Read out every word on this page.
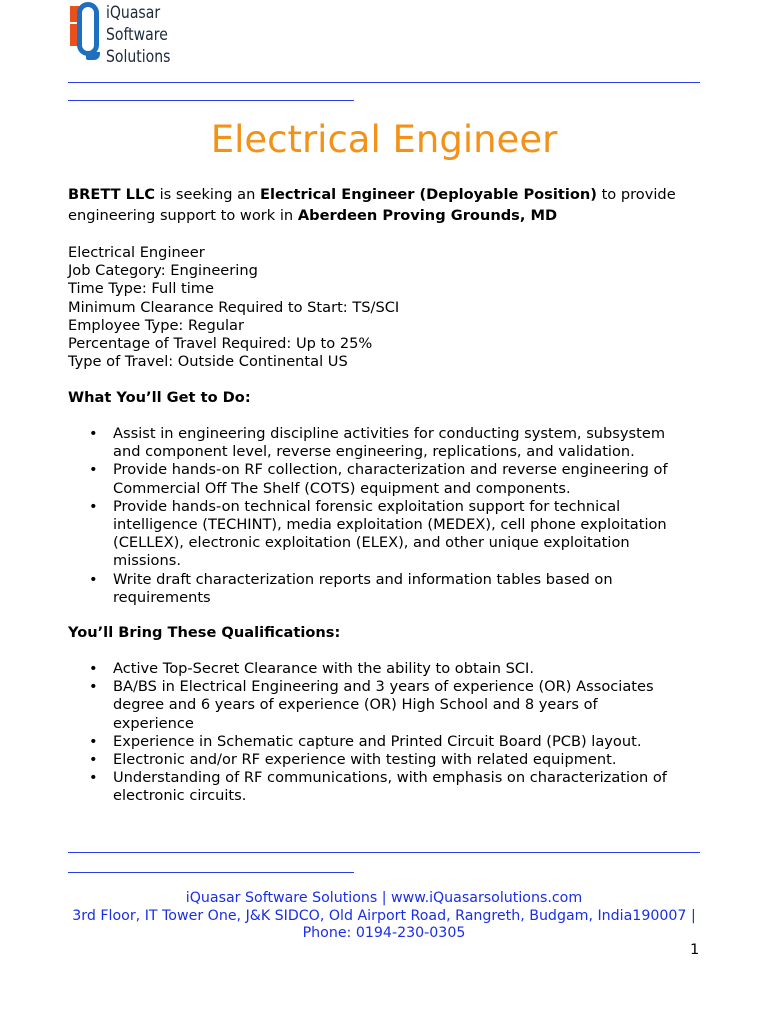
iQuasar
Software
Solutions
Electrical Engineer
BRETT LLC is seeking an Electrical Engineer (Deployable Position) to provide
engineering support to work in Aberdeen Proving Grounds, MD
Electrical Engineer
Job Category: Engineering
Time Type: Full time
Minimum Clearance Required to Start: TS/SCI
Employee Type: Regular
Percentage of Travel Required: Up to 25%
Type of Travel: Outside Continental US
What You’ll Get to Do:
• Assist in engineering discipline activities for conducting system, subsystem
and component level, reverse engineering, replications, and validation.
• Provide hands-on RF collection, characterization and reverse engineering of
Commercial Off The Shelf (COTS) equipment and components.
• Provide hands-on technical forensic exploitation support for technical
intelligence (TECHINT), media exploitation (MEDEX), cell phone exploitation
(CELLEX), electronic exploitation (ELEX), and other unique exploitation
missions.
• Write draft characterization reports and information tables based on
requirements
You’ll Bring These Qualifications:
• Active Top-Secret Clearance with the ability to obtain SCI.
• BA/BS in Electrical Engineering and 3 years of experience (OR) Associates
degree and 6 years of experience (OR) High School and 8 years of
experience
• Experience in Schematic capture and Printed Circuit Board (PCB) layout.
• Electronic and/or RF experience with testing with related equipment.
• Understanding of RF communications, with emphasis on characterization of
electronic circuits.
iQuasar Software Solutions | www.iQuasarsolutions.com
3rd Floor, IT Tower One, J&K SIDCO, Old Airport Road, Rangreth, Budgam, India190007 |
Phone: 0194-230-0305
1
